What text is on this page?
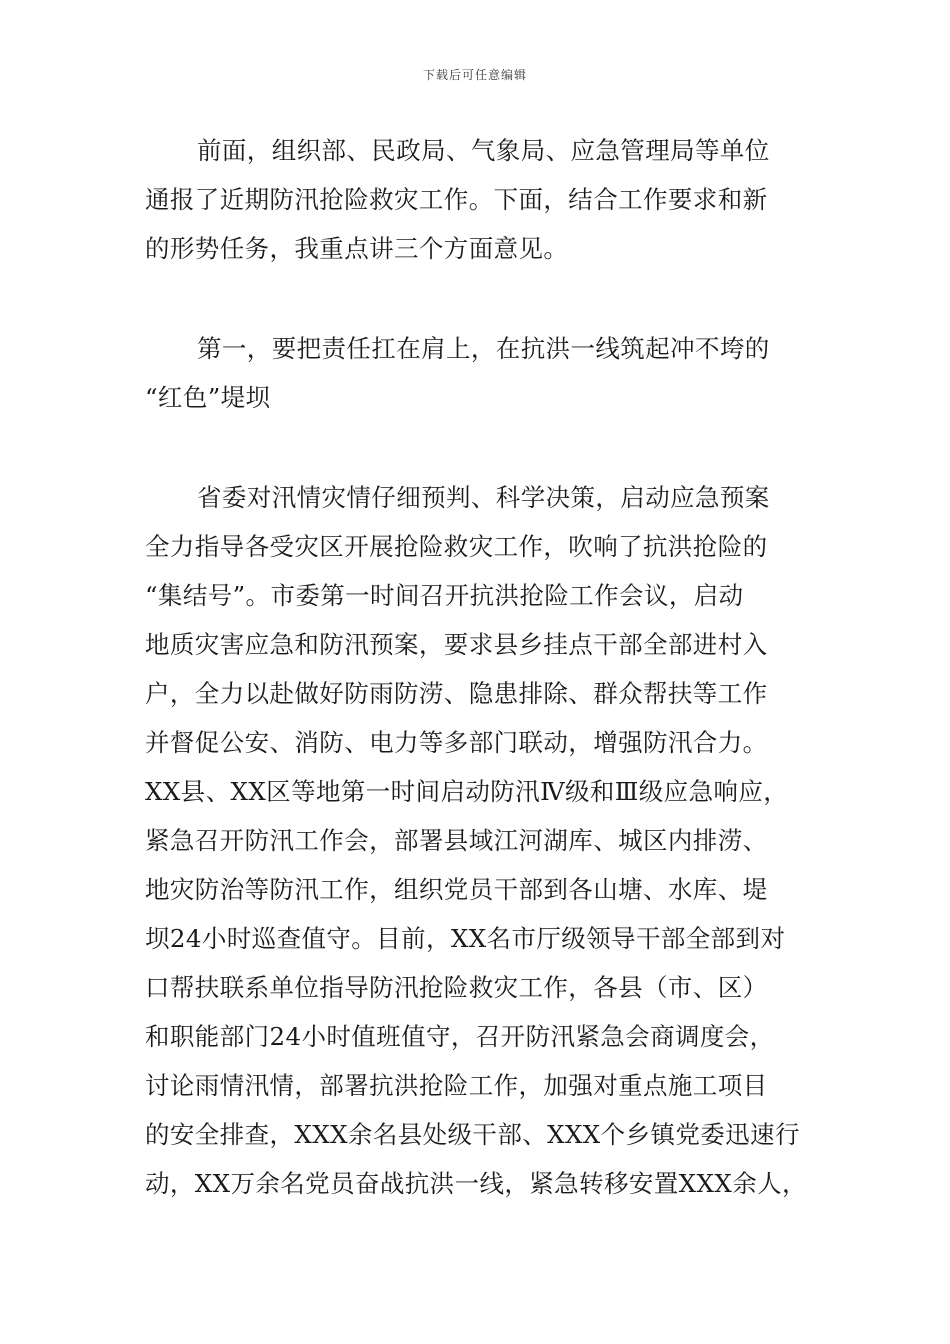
下载后可任意编辑
前面，组织部、民政局、气象局、应急管理局等单位
通报了近期防汛抢险救灾工作。下面，结合工作要求和新
的形势任务，我重点讲三个方面意见。
第一，要把责任扛在肩上，在抗洪一线筑起冲不垮的
“红色”堤坝
省委对汛情灾情仔细预判、科学决策，启动应急预案
全力指导各受灾区开展抢险救灾工作，吹响了抗洪抢险的
“集结号”。市委第一时间召开抗洪抢险工作会议，启动
地质灾害应急和防汛预案，要求县乡挂点干部全部进村入
户，全力以赴做好防雨防涝、隐患排除、群众帮扶等工作
并督促公安、消防、电力等多部门联动，增强防汛合力。
XX县、XX区等地第一时间启动防汛Ⅳ级和Ⅲ级应急响应，
紧急召开防汛工作会，部署县域江河湖库、城区内排涝、
地灾防治等防汛工作，组织党员干部到各山塘、水库、堤
坝24小时巡查值守。目前，XX名市厅级领导干部全部到对
口帮扶联系单位指导防汛抢险救灾工作，各县（市、区）
和职能部门24小时值班值守，召开防汛紧急会商调度会，
讨论雨情汛情，部署抗洪抢险工作，加强对重点施工项目
的安全排查，XXX余名县处级干部、XXX个乡镇党委迅速行
动，XX万余名党员奋战抗洪一线，紧急转移安置XXX余人，
